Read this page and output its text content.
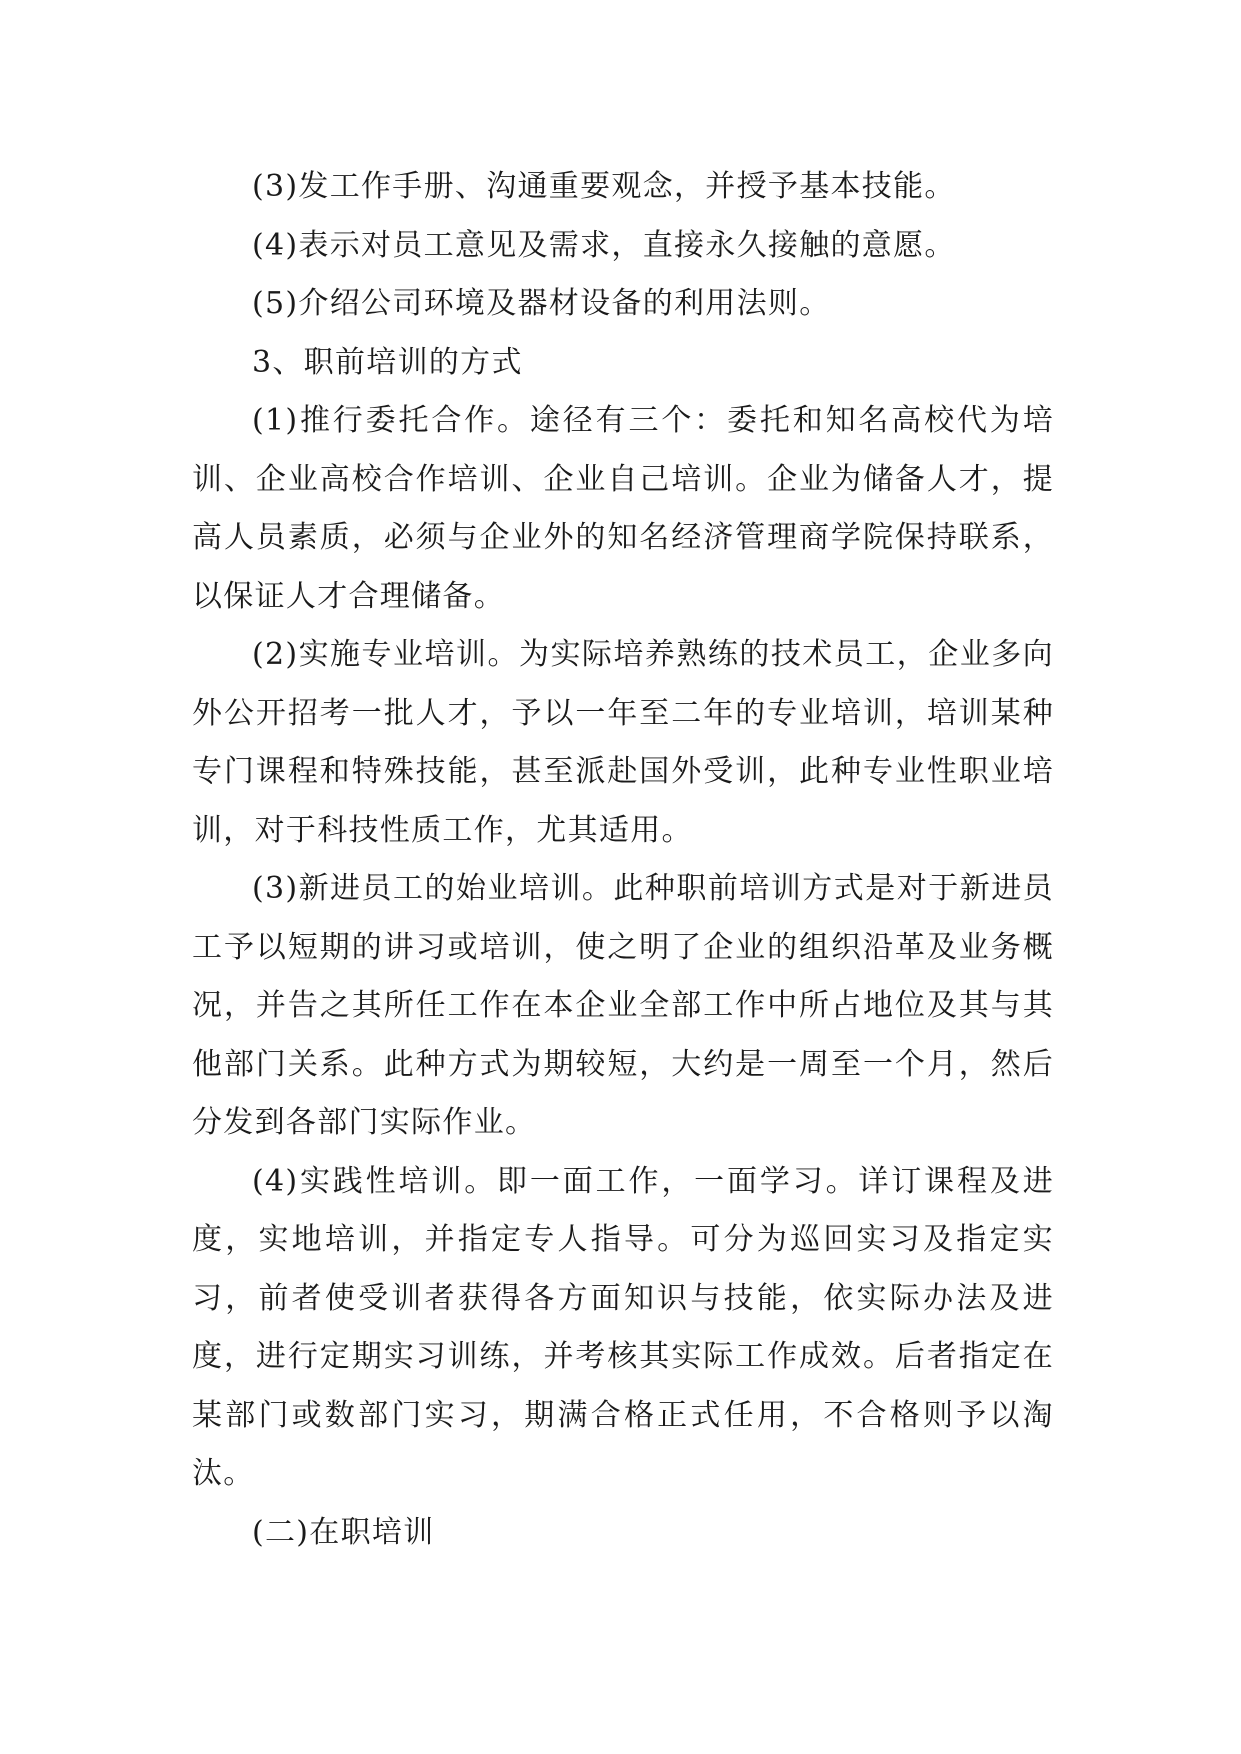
(3)发工作手册、沟通重要观念，并授予基本技能。

(4)表示对员工意见及需求，直接永久接触的意愿。

(5)介绍公司环境及器材设备的利用法则。

3、职前培训的方式

(1)推行委托合作。途径有三个：委托和知名高校代为培训、企业高校合作培训、企业自己培训。企业为储备人才，提高人员素质，必须与企业外的知名经济管理商学院保持联系，以保证人才合理储备。

(2)实施专业培训。为实际培养熟练的技术员工，企业多向外公开招考一批人才，予以一年至二年的专业培训，培训某种专门课程和特殊技能，甚至派赴国外受训，此种专业性职业培训，对于科技性质工作，尤其适用。

(3)新进员工的始业培训。此种职前培训方式是对于新进员工予以短期的讲习或培训，使之明了企业的组织沿革及业务概况，并告之其所任工作在本企业全部工作中所占地位及其与其他部门关系。此种方式为期较短，大约是一周至一个月，然后分发到各部门实际作业。

(4)实践性培训。即一面工作，一面学习。详订课程及进度，实地培训，并指定专人指导。可分为巡回实习及指定实习，前者使受训者获得各方面知识与技能，依实际办法及进度，进行定期实习训练，并考核其实际工作成效。后者指定在某部门或数部门实习，期满合格正式任用，不合格则予以淘汰。

(二)在职培训
